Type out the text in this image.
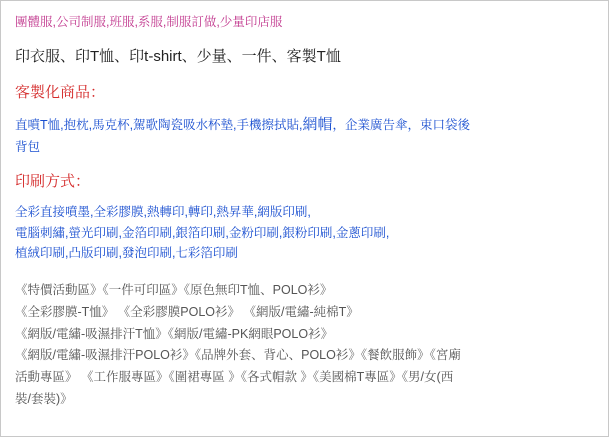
團體服,公司制服,班服,系服,制服訂做,少量印店服
印衣服、印T恤、印t-shirt、少量、一件、客製T恤
客製化商品：
直噴T恤,抱枕,馬克杯,駕歌陶瓷吸水杯墊,手機擦拭貼,網帽，企業廣告傘，束口袋後
背包
印刷方式：
全彩直接噴墨,全彩膠膜,熱轉印,轉印,熱昇華,網版印刷,
電腦刺繡,螢光印刷,金箔印刷,銀箔印刷,金粉印刷,銀粉印刷,金蔥印刷,
植絨印刷,凸版印刷,發泡印刷,七彩箔印刷
《特價活動區》《一件可印區》《原色無印T恤、POLO衫》
《全彩膠膜-T恤》 《全彩膠膜POLO衫》 《網版/電繡-純棉T》
《網版/電繡-吸濕排汗T恤》《網版/電繡-PK網眼POLO衫》
《網版/電繡-吸濕排汗POLO衫》《品牌外套、背心、POLO衫》《餐飲服飾》《宮廟
活動專區》 《工作服專區》《圍裙專區 》《各式帽款 》《美國棉T專區》《男/女(西
裝/套裝)》
